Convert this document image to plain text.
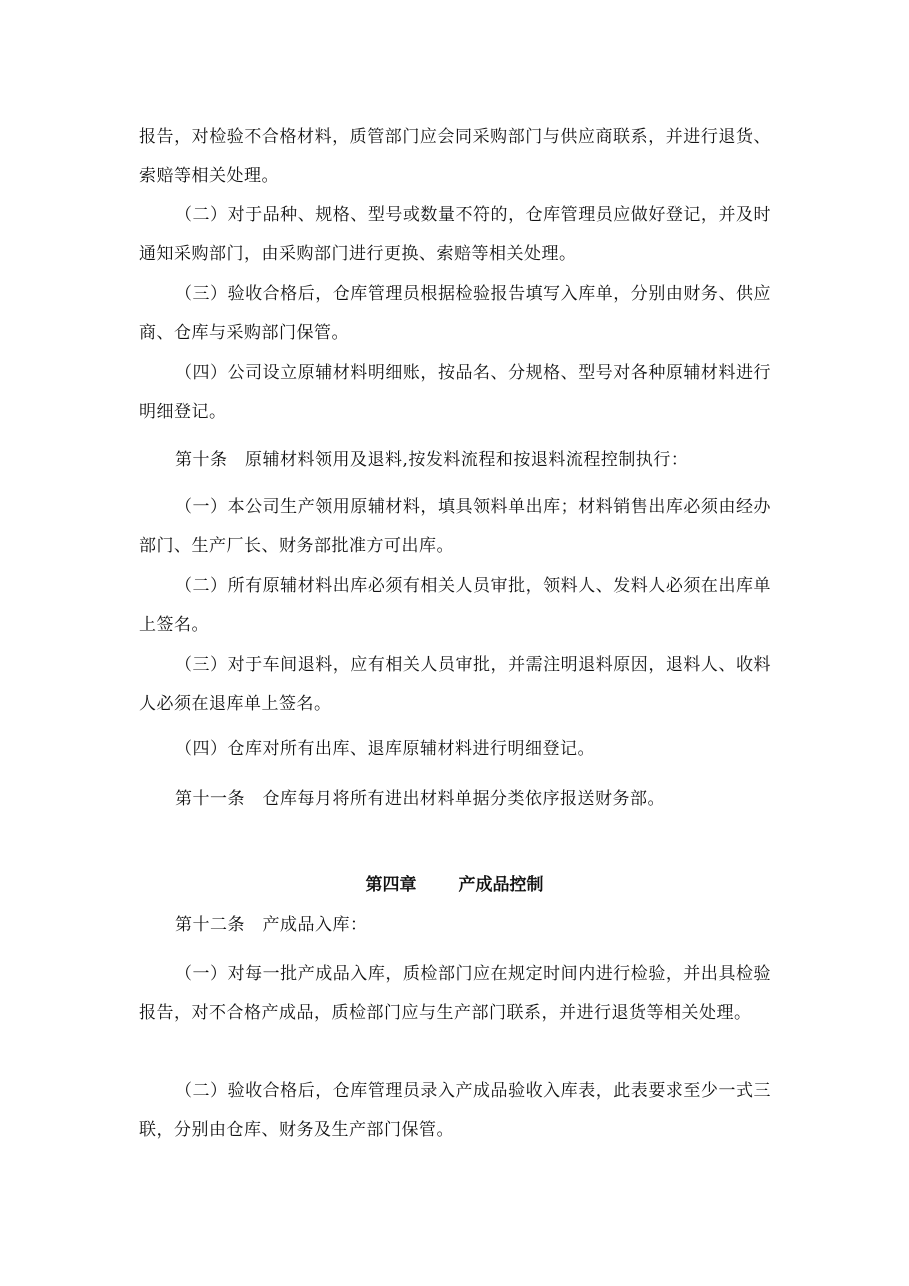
报告，对检验不合格材料，质管部门应会同采购部门与供应商联系，并进行退货、索赔等相关处理。

（二）对于品种、规格、型号或数量不符的，仓库管理员应做好登记，并及时通知采购部门，由采购部门进行更换、索赔等相关处理。

（三）验收合格后，仓库管理员根据检验报告填写入库单，分别由财务、供应商、仓库与采购部门保管。

（四）公司设立原辅材料明细账，按品名、分规格、型号对各种原辅材料进行明细登记。

第十条　原辅材料领用及退料,按发料流程和按退料流程控制执行：

（一）本公司生产领用原辅材料，填具领料单出库；材料销售出库必须由经办部门、生产厂长、财务部批准方可出库。

（二）所有原辅材料出库必须有相关人员审批，领料人、发料人必须在出库单上签名。

（三）对于车间退料，应有相关人员审批，并需注明退料原因，退料人、收料人必须在退库单上签名。

（四）仓库对所有出库、退库原辅材料进行明细登记。

第十一条　仓库每月将所有进出材料单据分类依序报送财务部。

第四章 产成品控制

第十二条　产成品入库：

（一）对每一批产成品入库，质检部门应在规定时间内进行检验，并出具检验报告，对不合格产成品，质检部门应与生产部门联系，并进行退货等相关处理。

（二）验收合格后，仓库管理员录入产成品验收入库表，此表要求至少一式三联，分别由仓库、财务及生产部门保管。
